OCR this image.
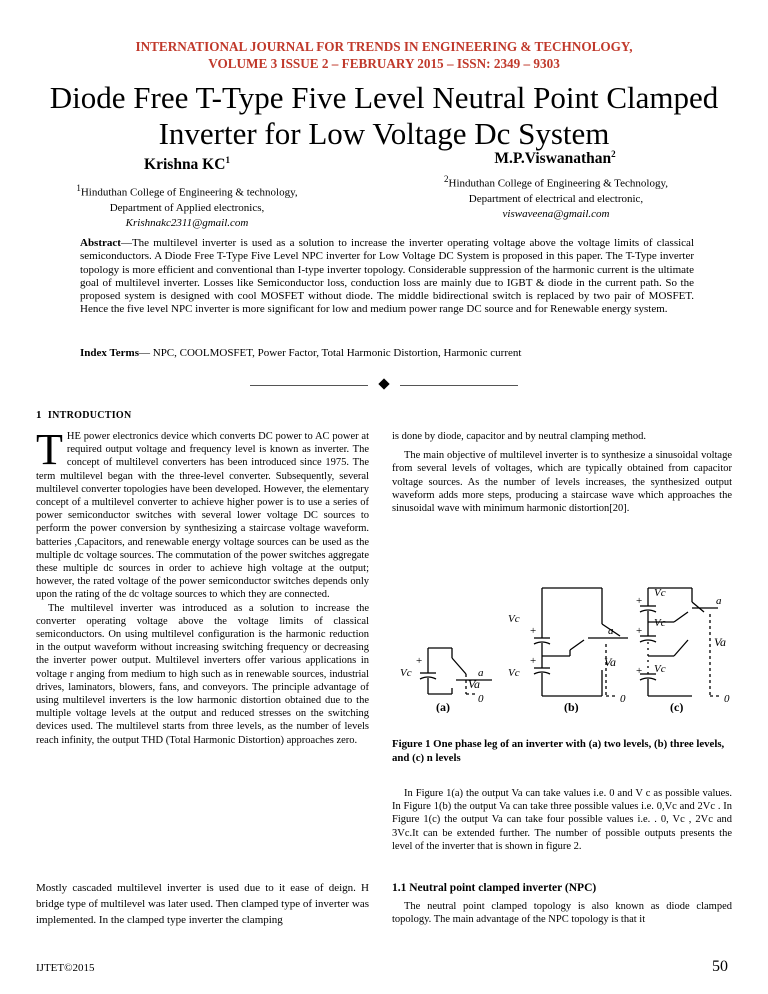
INTERNATIONAL JOURNAL FOR TRENDS IN ENGINEERING & TECHNOLOGY,
VOLUME 3 ISSUE 2 – FEBRUARY 2015 – ISSN: 2349 – 9303
Diode Free T-Type Five Level Neutral Point Clamped
Inverter for Low Voltage Dc System
Krishna $KC^1$
$^1$Hinduthan College of Engineering & technology,
Department of Applied electronics,
Krishnakc2311@gmail.com
M.P.Viswanathan$^2$
$^2$Hinduthan College of Engineering & Technology,
Department of electrical and electronic,
viswaveena@gmail.com
Abstract—The multilevel inverter is used as a solution to increase the inverter operating voltage above the voltage limits of classical semiconductors. A Diode Free T-Type Five Level NPC inverter for Low Voltage DC System is proposed in this paper. The T-Type inverter topology is more efficient and conventional than I-type inverter topology. Considerable suppression of the harmonic current is the ultimate goal of multilevel inverter. Losses like Semiconductor loss, conduction loss are mainly due to IGBT & diode in the current path. So the proposed system is designed with cool MOSFET without diode. The middle bidirectional switch is replaced by two pair of MOSFET. Hence the five level NPC inverter is more significant for low and medium power range DC source and for Renewable energy system.
Index Terms— NPC, COOLMOSFET, Power Factor, Total Harmonic Distortion, Harmonic current
1 INTRODUCTION

THE power electronics device which converts DC power to AC power at required output voltage and frequency level is known as inverter. The concept of multilevel converters has been introduced since 1975. The term multilevel began with the three-level converter. Subsequently, several multilevel converter topologies have been developed. However, the elementary concept of a multilevel converter to achieve higher power is to use a series of power semiconductor switches with several lower voltage DC sources to perform the power conversion by synthesizing a staircase voltage waveform. batteries ,Capacitors, and renewable energy voltage sources can be used as the multiple dc voltage sources. The commutation of the power switches aggregate these multiple dc sources in order to achieve high voltage at the output; however, the rated voltage of the power semiconductor switches depends only upon the rating of the dc voltage sources to which they are connected.

The multilevel inverter was introduced as a solution to increase the converter operating voltage above the voltage limits of classical semiconductors. On using multilevel configuration is the harmonic reduction in the output waveform without increasing switching frequency or decreasing the inverter power output. Multilevel inverters offer various applications in voltage r anging from medium to high such as in renewable sources, industrial drives, laminators, blowers, fans, and conveyors. The principle advantage of using multilevel inverters is the low harmonic distortion obtained due to the multiple voltage levels at the output and reduced stresses on the switching devices used. The multilevel starts from three levels, as the number of levels reach infinity, the output THD (Total Harmonic Distortion) approaches zero.

Mostly cascaded multilevel inverter is used due to it ease of deign. H bridge type of multilevel was later used. Then clamped type of inverter was implemented. In the clamped type inverter the clamping

is done by diode, capacitor and by neutral clamping method.

The main objective of multilevel inverter is to synthesize a sinusoidal voltage from several levels of voltages, which are typically obtained from capacitor voltage sources. As the number of levels increases, the synthesized output waveform adds more steps, producing a staircase wave which approaches the sinusoidal wave with minimum harmonic distortion[20].

+
Vc	a
Va
0
(a)
+
Vc
+
Vc
a
Va
0
(b)
Vc
+
Vc
+
Vc
+
a
Va
0
(c)
Figure 1 One phase leg of an inverter with (a) two levels, (b) three levels, and (c) n levels
In Figure 1(a) the output Va can take values i.e. 0 and V c as possible values. In Figure 1(b) the output Va can take three possible values i.e. 0,Vc and 2Vc . In Figure 1(c) the output Va can take four possible values i.e. . 0, Vc , 2Vc and 3Vc.It can be extended further. The number of possible outputs presents the level of the inverter that is shown in figure 2.
1.1 Neutral point clamped inverter (NPC)
The neutral point clamped topology is also known as diode clamped topology. The main advantage of the NPC topology is that it
IJTET©2015	50
